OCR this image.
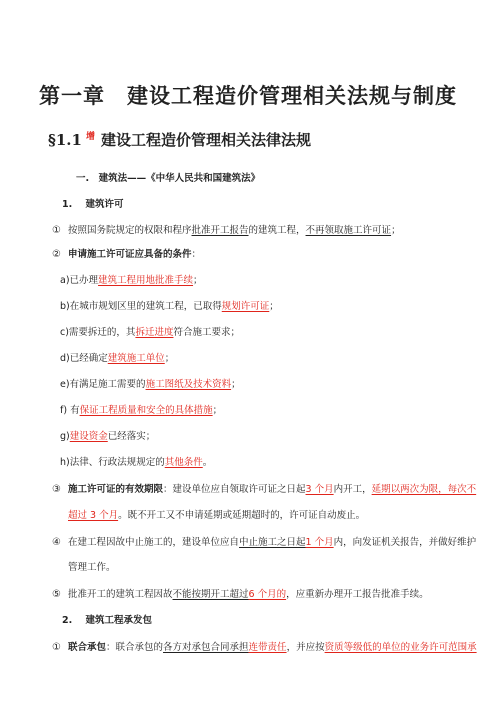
第一章　建设工程造价管理相关法规与制度
§1.1 $^增$ 建设工程造价管理相关法律法规
一.　建筑法——《中华人民共和国建筑法》
1. 建筑许可
① 按照国务院规定的权限和程序批准开工报告的建筑工程，不再领取施工许可证；
② 申请施工许可证应具备的条件：
a)已办理建筑工程用地批准手续；
b)在城市规划区里的建筑工程，已取得规划许可证；
c)需要拆迁的，其拆迁进度符合施工要求；
d)已经确定建筑施工单位；
e)有满足施工需要的施工图纸及技术资料；
f) 有保证工程质量和安全的具体措施；
g)建设资金已经落实；
h)法律、行政法规规定的其他条件。
③ 施工许可证的有效期限：建设单位应自领取许可证之日起3 个月内开工，延期以两次为限，每次不
超过 3 个月。既不开工又不申请延期或延期超时的，许可证自动废止。
④ 在建工程因故中止施工的，建设单位应自中止施工之日起1 个月内，向发证机关报告，并做好维护
管理工作。
⑤ 批准开工的建筑工程因故不能按期开工超过6 个月的，应重新办理开工报告批准手续。
2. 建筑工程承发包
① 联合承包：联合承包的各方对承包合同承担连带责任，并应按资质等级低的单位的业务许可范围承
